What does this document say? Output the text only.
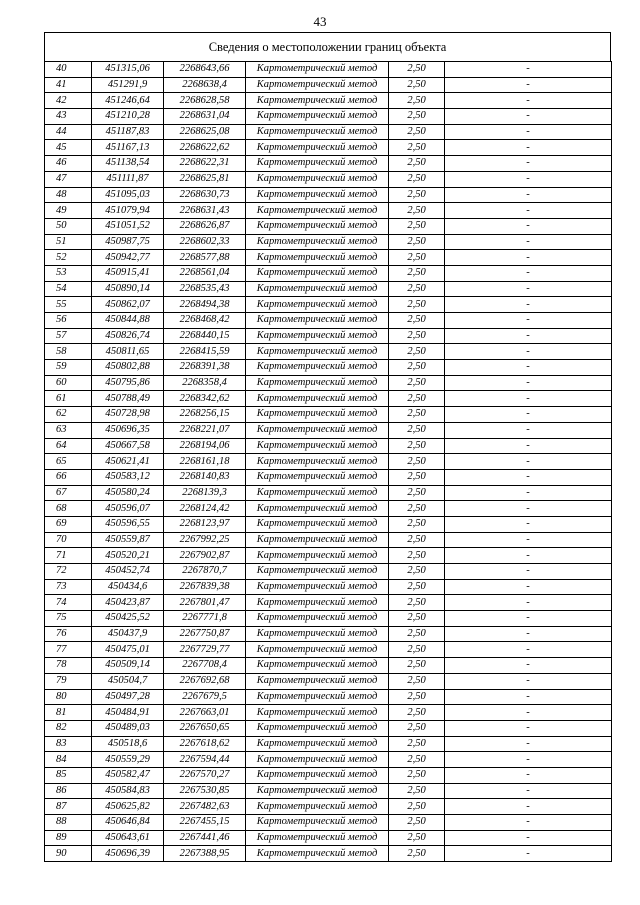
43
Сведения о местоположении границ объекта
40	451315,06	2268643,66	Картометрический метод	2,50	-
41	451291,9	2268638,4	Картометрический метод	2,50	-
42	451246,64	2268628,58	Картометрический метод	2,50	-
43	451210,28	2268631,04	Картометрический метод	2,50	-
44	451187,83	2268625,08	Картометрический метод	2,50	-
45	451167,13	2268622,62	Картометрический метод	2,50	-
46	451138,54	2268622,31	Картометрический метод	2,50	-
47	451111,87	2268625,81	Картометрический метод	2,50	-
48	451095,03	2268630,73	Картометрический метод	2,50	-
49	451079,94	2268631,43	Картометрический метод	2,50	-
50	451051,52	2268626,87	Картометрический метод	2,50	-
51	450987,75	2268602,33	Картометрический метод	2,50	-
52	450942,77	2268577,88	Картометрический метод	2,50	-
53	450915,41	2268561,04	Картометрический метод	2,50	-
54	450890,14	2268535,43	Картометрический метод	2,50	-
55	450862,07	2268494,38	Картометрический метод	2,50	-
56	450844,88	2268468,42	Картометрический метод	2,50	-
57	450826,74	2268440,15	Картометрический метод	2,50	-
58	450811,65	2268415,59	Картометрический метод	2,50	-
59	450802,88	2268391,38	Картометрический метод	2,50	-
60	450795,86	2268358,4	Картометрический метод	2,50	-
61	450788,49	2268342,62	Картометрический метод	2,50	-
62	450728,98	2268256,15	Картометрический метод	2,50	-
63	450696,35	2268221,07	Картометрический метод	2,50	-
64	450667,58	2268194,06	Картометрический метод	2,50	-
65	450621,41	2268161,18	Картометрический метод	2,50	-
66	450583,12	2268140,83	Картометрический метод	2,50	-
67	450580,24	2268139,3	Картометрический метод	2,50	-
68	450596,07	2268124,42	Картометрический метод	2,50	-
69	450596,55	2268123,97	Картометрический метод	2,50	-
70	450559,87	2267992,25	Картометрический метод	2,50	-
71	450520,21	2267902,87	Картометрический метод	2,50	-
72	450452,74	2267870,7	Картометрический метод	2,50	-
73	450434,6	2267839,38	Картометрический метод	2,50	-
74	450423,87	2267801,47	Картометрический метод	2,50	-
75	450425,52	2267771,8	Картометрический метод	2,50	-
76	450437,9	2267750,87	Картометрический метод	2,50	-
77	450475,01	2267729,77	Картометрический метод	2,50	-
78	450509,14	2267708,4	Картометрический метод	2,50	-
79	450504,7	2267692,68	Картометрический метод	2,50	-
80	450497,28	2267679,5	Картометрический метод	2,50	-
81	450484,91	2267663,01	Картометрический метод	2,50	-
82	450489,03	2267650,65	Картометрический метод	2,50	-
83	450518,6	2267618,62	Картометрический метод	2,50	-
84	450559,29	2267594,44	Картометрический метод	2,50	-
85	450582,47	2267570,27	Картометрический метод	2,50	-
86	450584,83	2267530,85	Картометрический метод	2,50	-
87	450625,82	2267482,63	Картометрический метод	2,50	-
88	450646,84	2267455,15	Картометрический метод	2,50	-
89	450643,61	2267441,46	Картометрический метод	2,50	-
90	450696,39	2267388,95	Картометрический метод	2,50	-
